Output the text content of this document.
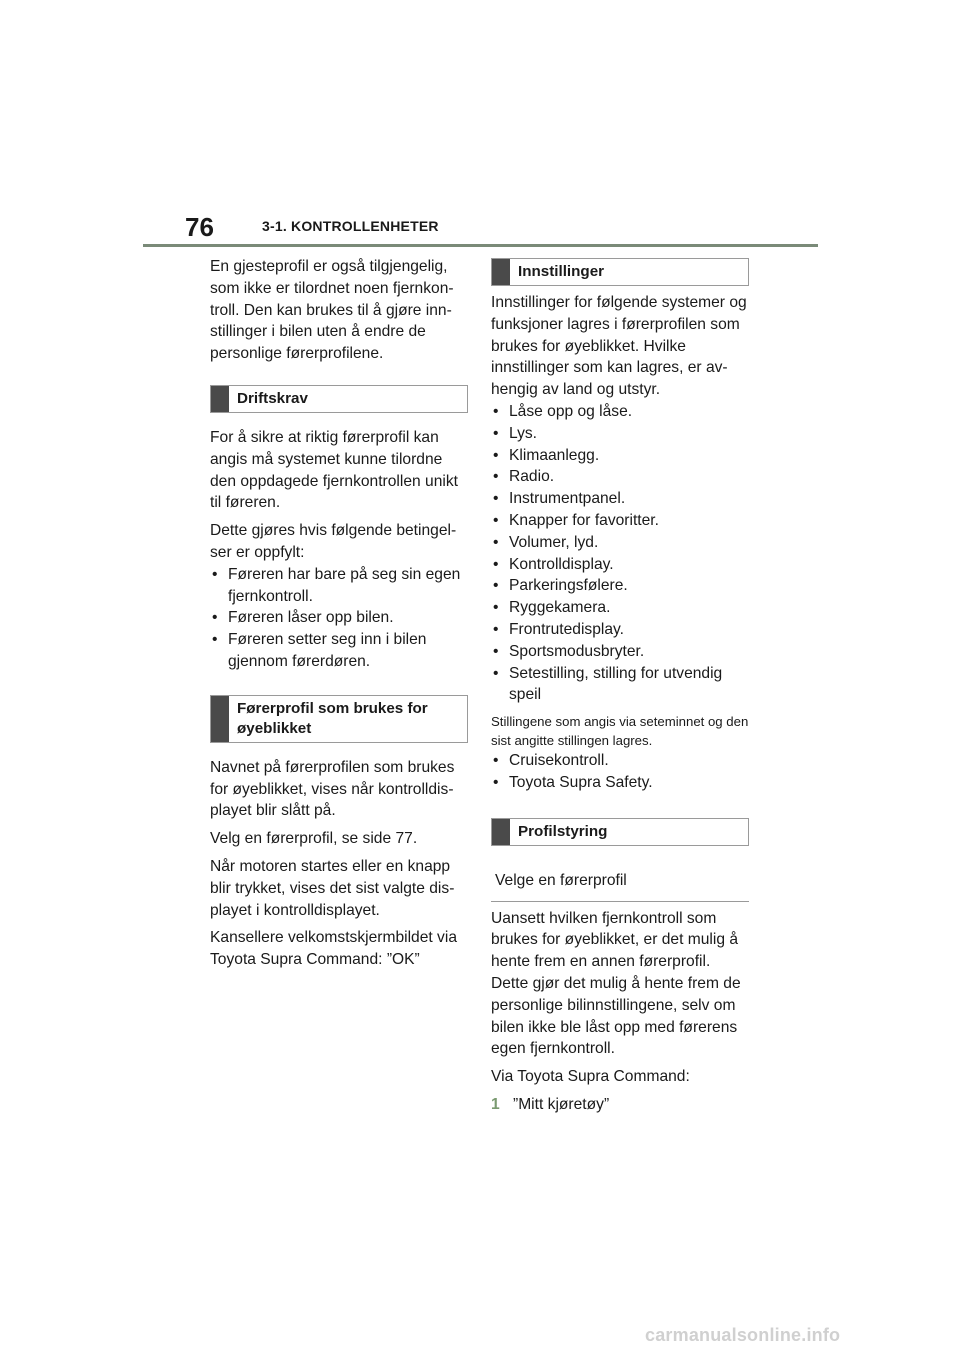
76	3-1. KONTROLLENHETER

En gjesteprofil er også tilgjengelig, som ikke er tilordnet noen fjernkontroll. Den kan brukes til å gjøre innstillinger i bilen uten å endre de personlige førerprofilene.

Driftskrav

For å sikre at riktig førerprofil kan angis må systemet kunne tilordne den oppdagede fjernkontrollen unikt til føreren.

Dette gjøres hvis følgende betingelser er oppfylt:

• Føreren har bare på seg sin egen fjernkontroll.
• Føreren låser opp bilen.
• Føreren setter seg inn i bilen gjennom førerdøren.
Førerprofil som brukes for øyeblikket

Navnet på førerprofilen som brukes for øyeblikket, vises når kontrolldisplayet blir slått på.

Velg en førerprofil, se side 77.

Når motoren startes eller en knapp blir trykket, vises det sist valgte displayet i kontrolldisplayet.

Kansellere velkomstskjermbildet via Toyota Supra Command: ”OK”

Innstillinger

Innstillinger for følgende systemer og funksjoner lagres i førerprofilen som brukes for øyeblikket. Hvilke innstillinger som kan lagres, er avhengig av land og utstyr.

• Låse opp og låse.
• Lys.
• Klimaanlegg.
• Radio.
• Instrumentpanel.
• Knapper for favoritter.
• Volumer, lyd.
• Kontrolldisplay.
• Parkeringsfølere.
• Ryggekamera.
• Frontrutedisplay.
• Sportsmodusbryter.
• Setestilling, stilling for utvendig speil

Stillingene som angis via seteminnet og den sist angitte stillingen lagres.

• Cruisekontroll.
• Toyota Supra Safety.
Profilstyring
Velge en førerprofil

Uansett hvilken fjernkontroll som brukes for øyeblikket, er det mulig å hente frem en annen førerprofil. Dette gjør det mulig å hente frem de personlige bilinnstillingene, selv om bilen ikke ble låst opp med førerens egen fjernkontroll.

Via Toyota Supra Command:

1 ”Mitt kjøretøy”

carmanualsonline.info
